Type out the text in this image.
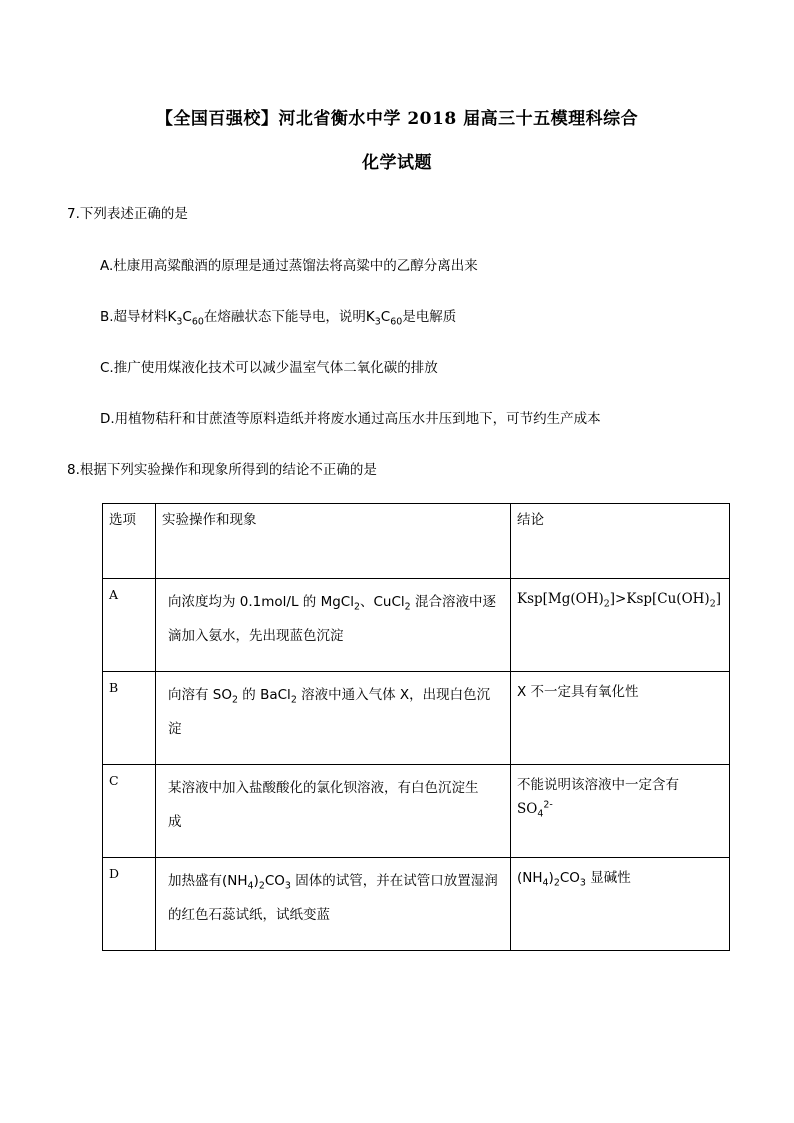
【全国百强校】河北省衡水中学 2018 届高三十五模理科综合
化学试题

7.下列表述正确的是

A.杜康用高粱酿酒的原理是通过蒸馏法将高粱中的乙醇分离出来

B.超导材料$K_3C_{60}$在熔融状态下能导电，说明$K_3C_{60}$是电解质

C.推广使用煤液化技术可以减少温室气体二氧化碳的排放

D.用植物秸秆和甘蔗渣等原料造纸并将废水通过高压水井压到地下，可节约生产成本

8.根据下列实验操作和现象所得到的结论不正确的是

选项	实验操作和现象	结论
A	向浓度均为 0.1mol/L 的 MgCl$_2$、CuCl$_2$ 混合溶液中逐
滴加入氨水，先出现蓝色沉淀	$Ksp[Mg(OH)_2]>Ksp[Cu(OH)_2]$

B	向溶有 $SO_2$ 的 BaCl$_2$ 溶液中通入气体 X，出现白色沉
淀	X 不一定具有氧化性

C	某溶液中加入盐酸酸化的氯化钡溶液，有白色沉淀生
成	不能说明该溶液中一定含有
$SO_4^{2-}$

D	加热盛有$(NH_4)_2CO_3$ 固体的试管，并在试管口放置湿润
的红色石蕊试纸，试纸变蓝	$(NH_4)_2CO_3$ 显碱性
